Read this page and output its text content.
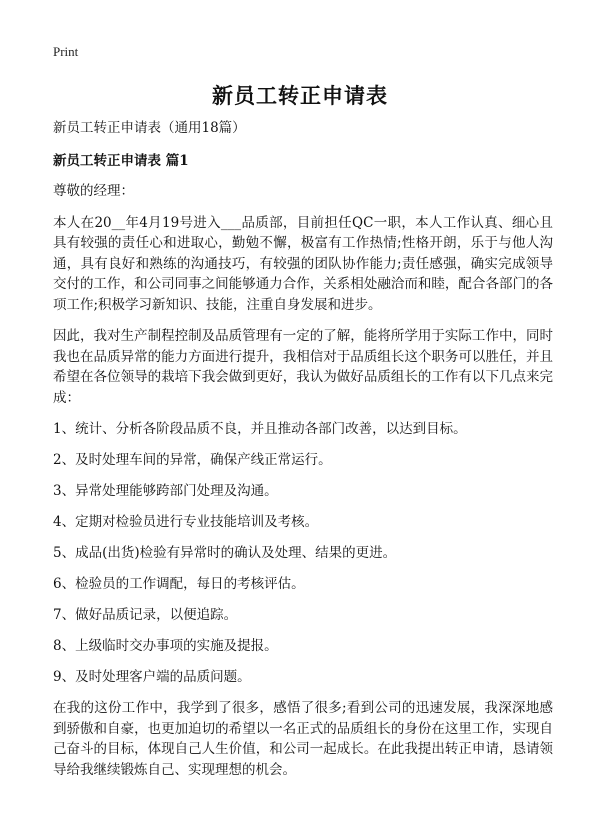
Print
新员工转正申请表

新员工转正申请表（通用18篇）

新员工转正申请表 篇1

尊敬的经理：

本人在20__年4月19号进入___品质部，目前担任QC一职，本人工作认真、细心且具有较强的责任心和进取心，勤勉不懈，极富有工作热情;性格开朗，乐于与他人沟通，具有良好和熟练的沟通技巧，有较强的团队协作能力;责任感强，确实完成领导交付的工作，和公司同事之间能够通力合作，关系相处融洽而和睦，配合各部门的各项工作;积极学习新知识、技能，注重自身发展和进步。

因此，我对生产制程控制及品质管理有一定的了解，能将所学用于实际工作中，同时我也在品质异常的能力方面进行提升，我相信对于品质组长这个职务可以胜任，并且希望在各位领导的栽培下我会做到更好，我认为做好品质组长的工作有以下几点来完成：

1、统计、分析各阶段品质不良，并且推动各部门改善，以达到目标。

2、及时处理车间的异常，确保产线正常运行。

3、异常处理能够跨部门处理及沟通。

4、定期对检验员进行专业技能培训及考核。

5、成品(出货)检验有异常时的确认及处理、结果的更进。

6、检验员的工作调配，每日的考核评估。

7、做好品质记录，以便追踪。

8、上级临时交办事项的实施及提报。

9、及时处理客户端的品质问题。

在我的这份工作中，我学到了很多，感悟了很多;看到公司的迅速发展，我深深地感到骄傲和自豪，也更加迫切的希望以一名正式的品质组长的身份在这里工作，实现自己奋斗的目标，体现自己人生价值，和公司一起成长。在此我提出转正申请，恳请领导给我继续锻炼自己、实现理想的机会。
